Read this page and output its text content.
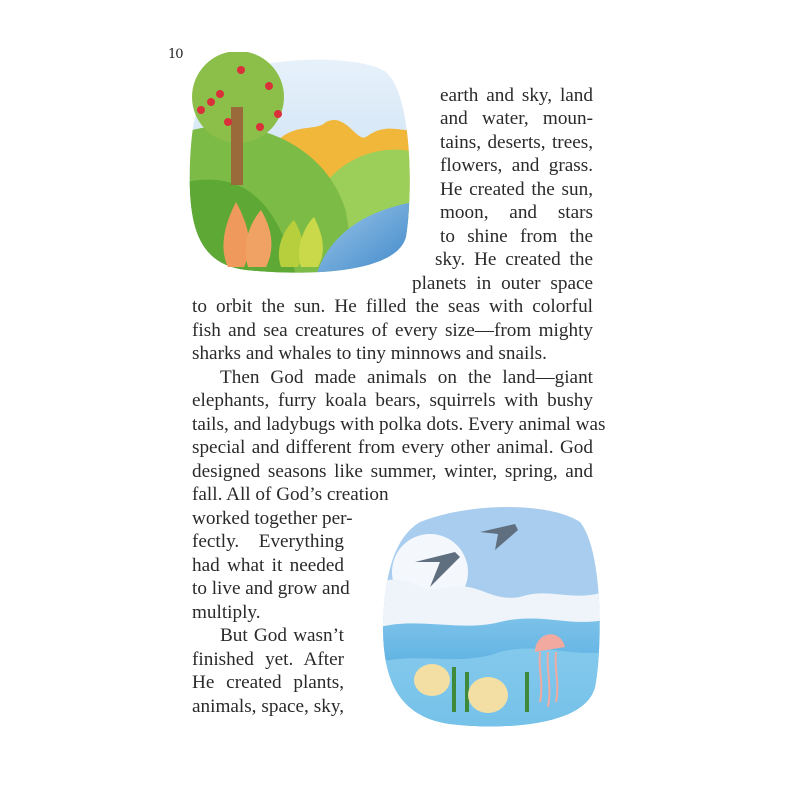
10
earth and sky, land
and water, moun-
tains, deserts, trees,
flowers, and grass.
He created the sun,
moon, and stars
to shine from the
sky. He created the
planets in outer space
to orbit the sun. He filled the seas with colorful
fish and sea creatures of every size—from mighty
sharks and whales to tiny minnows and snails.
Then God made animals on the land—giant
elephants, furry koala bears, squirrels with bushy
tails, and ladybugs with polka dots. Every animal was
special and different from every other animal. God
designed seasons like summer, winter, spring, and
fall. All of God’s creation
worked together per-
fectly. Everything
had what it needed
to live and grow and
multiply.
But God wasn’t
finished yet. After
He created plants,
animals, space, sky,
